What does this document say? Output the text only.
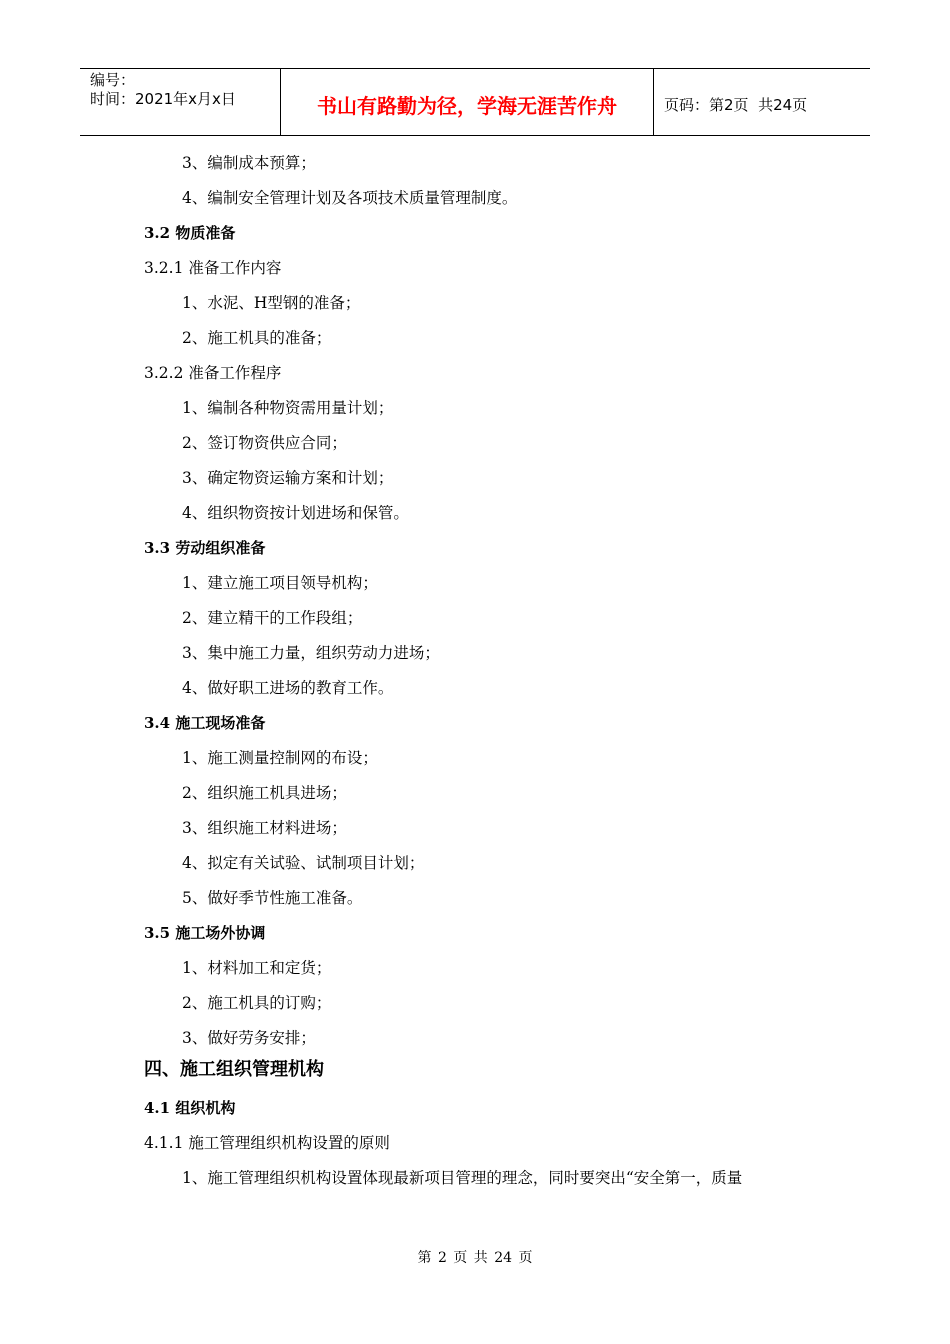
编号：
时间：2021年x月x日	书山有路勤为径，学海无涯苦作舟	页码：第2页  共24页
3、编制成本预算；
4、编制安全管理计划及各项技术质量管理制度。
3.2 物质准备
3.2.1 准备工作内容
1、水泥、H型钢的准备；
2、施工机具的准备；
3.2.2 准备工作程序
1、编制各种物资需用量计划；
2、签订物资供应合同；
3、确定物资运输方案和计划；
4、组织物资按计划进场和保管。
3.3 劳动组织准备
1、建立施工项目领导机构；
2、建立精干的工作段组；
3、集中施工力量，组织劳动力进场；
4、做好职工进场的教育工作。
3.4 施工现场准备
1、施工测量控制网的布设；
2、组织施工机具进场；
3、组织施工材料进场；
4、拟定有关试验、试制项目计划；
5、做好季节性施工准备。
3.5 施工场外协调
1、材料加工和定货；
2、施工机具的订购；
3、做好劳务安排；
四、施工组织管理机构
4.1 组织机构
4.1.1 施工管理组织机构设置的原则
1、施工管理组织机构设置体现最新项目管理的理念，同时要突出“安全第一，质量
第 2 页 共 24 页
